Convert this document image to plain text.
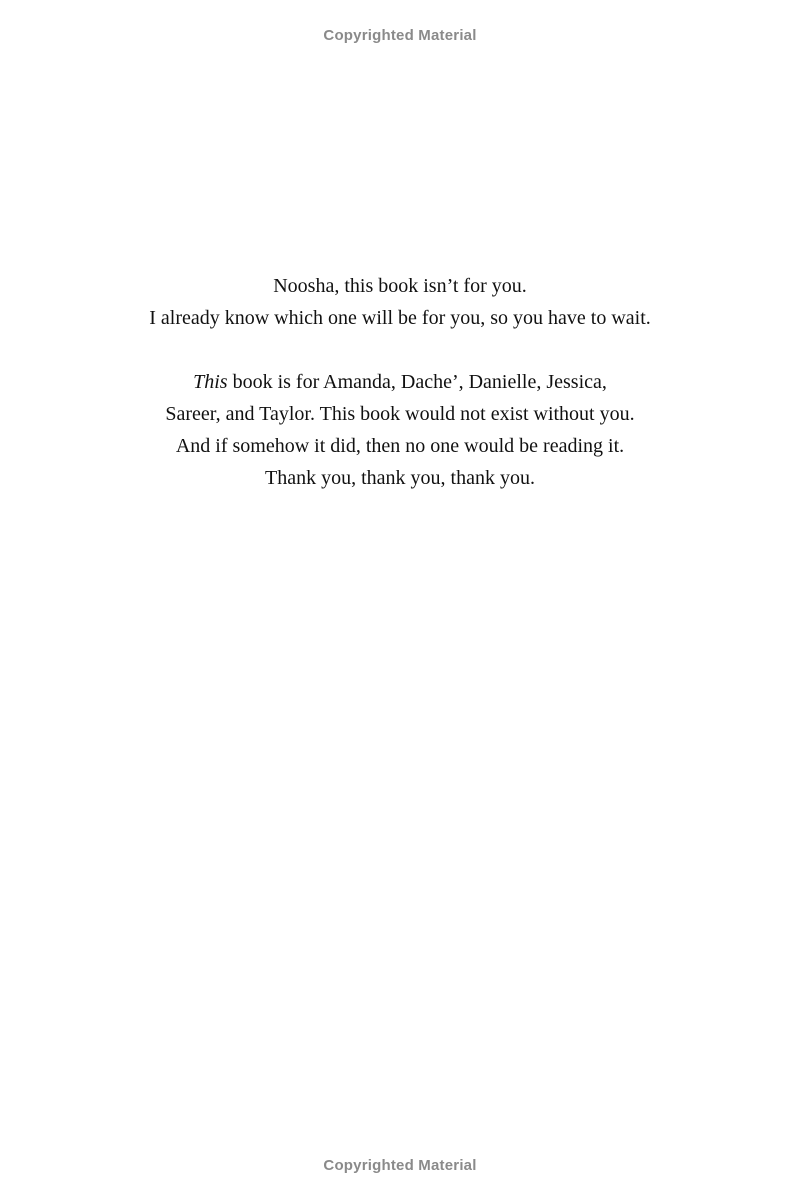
Copyrighted Material

Noosha, this book isn’t for you.

I already know which one will be for you, so you have to wait.

This book is for Amanda, Dache’, Danielle, Jessica,

Sareer, and Taylor. This book would not exist without you.

And if somehow it did, then no one would be reading it.

Thank you, thank you, thank you.

Copyrighted Material
